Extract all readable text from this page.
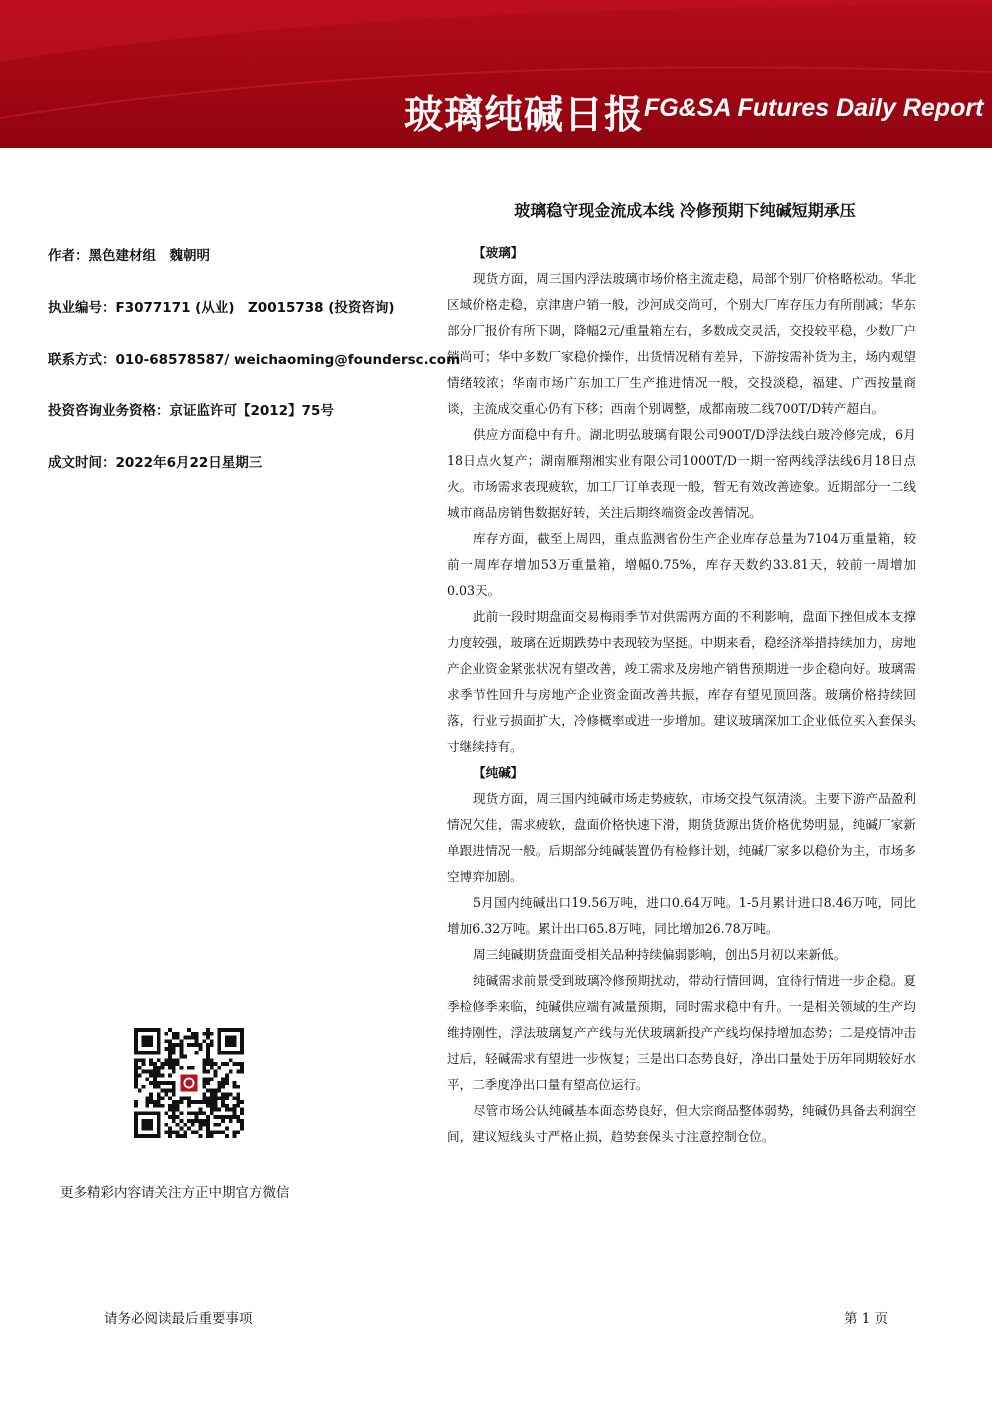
玻璃纯碱日报 FG&SA Futures Daily Report
玻璃稳守现金流成本线 冷修预期下纯碱短期承压
作者：黑色建材组　魏朝明
执业编号：F3077171 (从业)　Z0015738 (投资咨询)
联系方式：010-68578587/ weichaoming@foundersc.com
投资咨询业务资格：京证监许可【2012】75号
成文时间：2022年6月22日星期三
【玻璃】

现货方面，周三国内浮法玻璃市场价格主流走稳，局部个别厂价格略松动。华北区域价格走稳，京津唐户销一般，沙河成交尚可，个别大厂库存压力有所削减；华东部分厂报价有所下调，降幅2元/重量箱左右，多数成交灵活，交投较平稳，少数厂户销尚可；华中多数厂家稳价操作，出货情况稍有差异，下游按需补货为主，场内观望情绪较浓；华南市场广东加工厂生产推进情况一般，交投淡稳，福建、广西按量商谈，主流成交重心仍有下移；西南个别调整，成都南玻二线700T/D转产超白。

供应方面稳中有升。湖北明弘玻璃有限公司900T/D浮法线白玻冷修完成，6月18日点火复产；湖南雁翔湘实业有限公司1000T/D一期一窑两线浮法线6月18日点火。市场需求表现疲软，加工厂订单表现一般，暂无有效改善迹象。近期部分一二线城市商品房销售数据好转，关注后期终端资金改善情况。

库存方面，截至上周四，重点监测省份生产企业库存总量为7104万重量箱，较前一周库存增加53万重量箱，增幅0.75%，库存天数约33.81天，较前一周增加0.03天。

此前一段时期盘面交易梅雨季节对供需两方面的不利影响，盘面下挫但成本支撑力度较强，玻璃在近期跌势中表现较为坚挺。中期来看，稳经济举措持续加力，房地产企业资金紧张状况有望改善，竣工需求及房地产销售预期进一步企稳向好。玻璃需求季节性回升与房地产企业资金面改善共振，库存有望见顶回落。玻璃价格持续回落，行业亏损面扩大，冷修概率或进一步增加。建议玻璃深加工企业低位买入套保头寸继续持有。

【纯碱】

现货方面，周三国内纯碱市场走势疲软，市场交投气氛清淡。主要下游产品盈利情况欠佳，需求疲软，盘面价格快速下滑，期货货源出货价格优势明显，纯碱厂家新单跟进情况一般。后期部分纯碱装置仍有检修计划，纯碱厂家多以稳价为主，市场多空博弈加剧。

5月国内纯碱出口19.56万吨，进口0.64万吨。1-5月累计进口8.46万吨，同比增加6.32万吨。累计出口65.8万吨，同比增加26.78万吨。

周三纯碱期货盘面受相关品种持续偏弱影响，创出5月初以来新低。

纯碱需求前景受到玻璃冷修预期扰动，带动行情回调，宜待行情进一步企稳。夏季检修季来临，纯碱供应端有减量预期，同时需求稳中有升。一是相关领域的生产均维持刚性，浮法玻璃复产产线与光伏玻璃新投产产线均保持增加态势；二是疫情冲击过后，轻碱需求有望进一步恢复；三是出口态势良好，净出口量处于历年同期较好水平，二季度净出口量有望高位运行。

尽管市场公认纯碱基本面态势良好，但大宗商品整体弱势，纯碱仍具备去利润空间，建议短线头寸严格止损，趋势套保头寸注意控制仓位。

更多精彩内容请关注方正中期官方微信
请务必阅读最后重要事项	第 1 页
